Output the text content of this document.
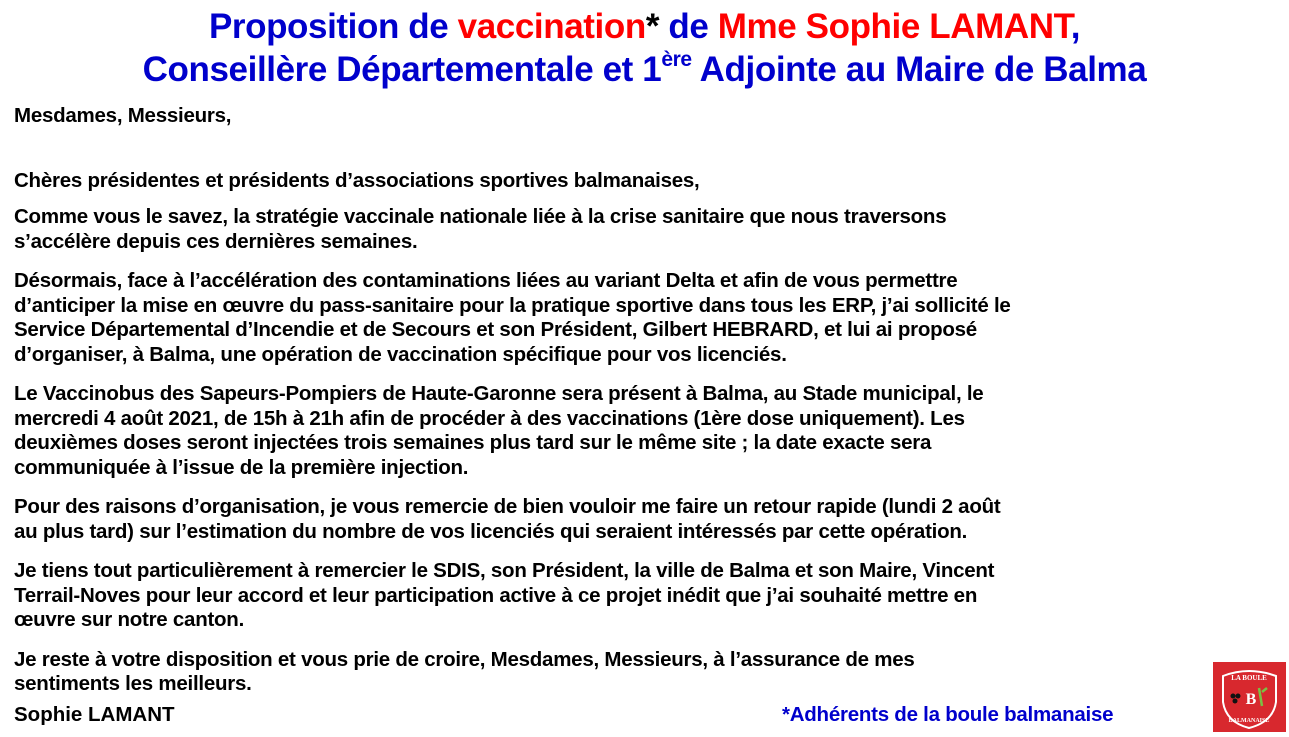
Proposition de vaccination* de Mme Sophie LAMANT,
Conseillère Départementale et 1ère Adjointe au Maire de Balma
Mesdames, Messieurs,
Chères présidentes et présidents d’associations sportives balmanaises,
Comme vous le savez, la stratégie vaccinale nationale liée à la crise sanitaire que nous traversons
s’accélère depuis ces dernières semaines.
Désormais, face à l’accélération des contaminations liées au variant Delta et afin de vous permettre
d’anticiper la mise en œuvre du pass-sanitaire pour la pratique sportive dans tous les ERP, j’ai sollicité le
Service Départemental d’Incendie et de Secours et son Président, Gilbert HEBRARD, et lui ai proposé
d’organiser, à Balma, une opération de vaccination spécifique pour vos licenciés.
Le Vaccinobus des Sapeurs-Pompiers de Haute-Garonne sera présent à Balma, au Stade municipal, le
mercredi 4 août 2021, de 15h à 21h afin de procéder à des vaccinations (1ère dose uniquement). Les
deuxièmes doses seront injectées trois semaines plus tard sur le même site ; la date exacte sera
communiquée à l’issue de la première injection.
Pour des raisons d’organisation, je vous remercie de bien vouloir me faire un retour rapide (lundi 2 août
au plus tard) sur l’estimation du nombre de vos licenciés qui seraient intéressés par cette opération.
Je tiens tout particulièrement à remercier le SDIS, son Président, la ville de Balma et son Maire, Vincent
Terrail-Noves pour leur accord et leur participation active à ce projet inédit que j’ai souhaité mettre en
œuvre sur notre canton.
Je reste à votre disposition et vous prie de croire, Mesdames, Messieurs, à l’assurance de mes
sentiments les meilleurs.
Sophie LAMANT	*Adhérents de la boule balmanaise
LA BOULE
B
BALMANAISE
